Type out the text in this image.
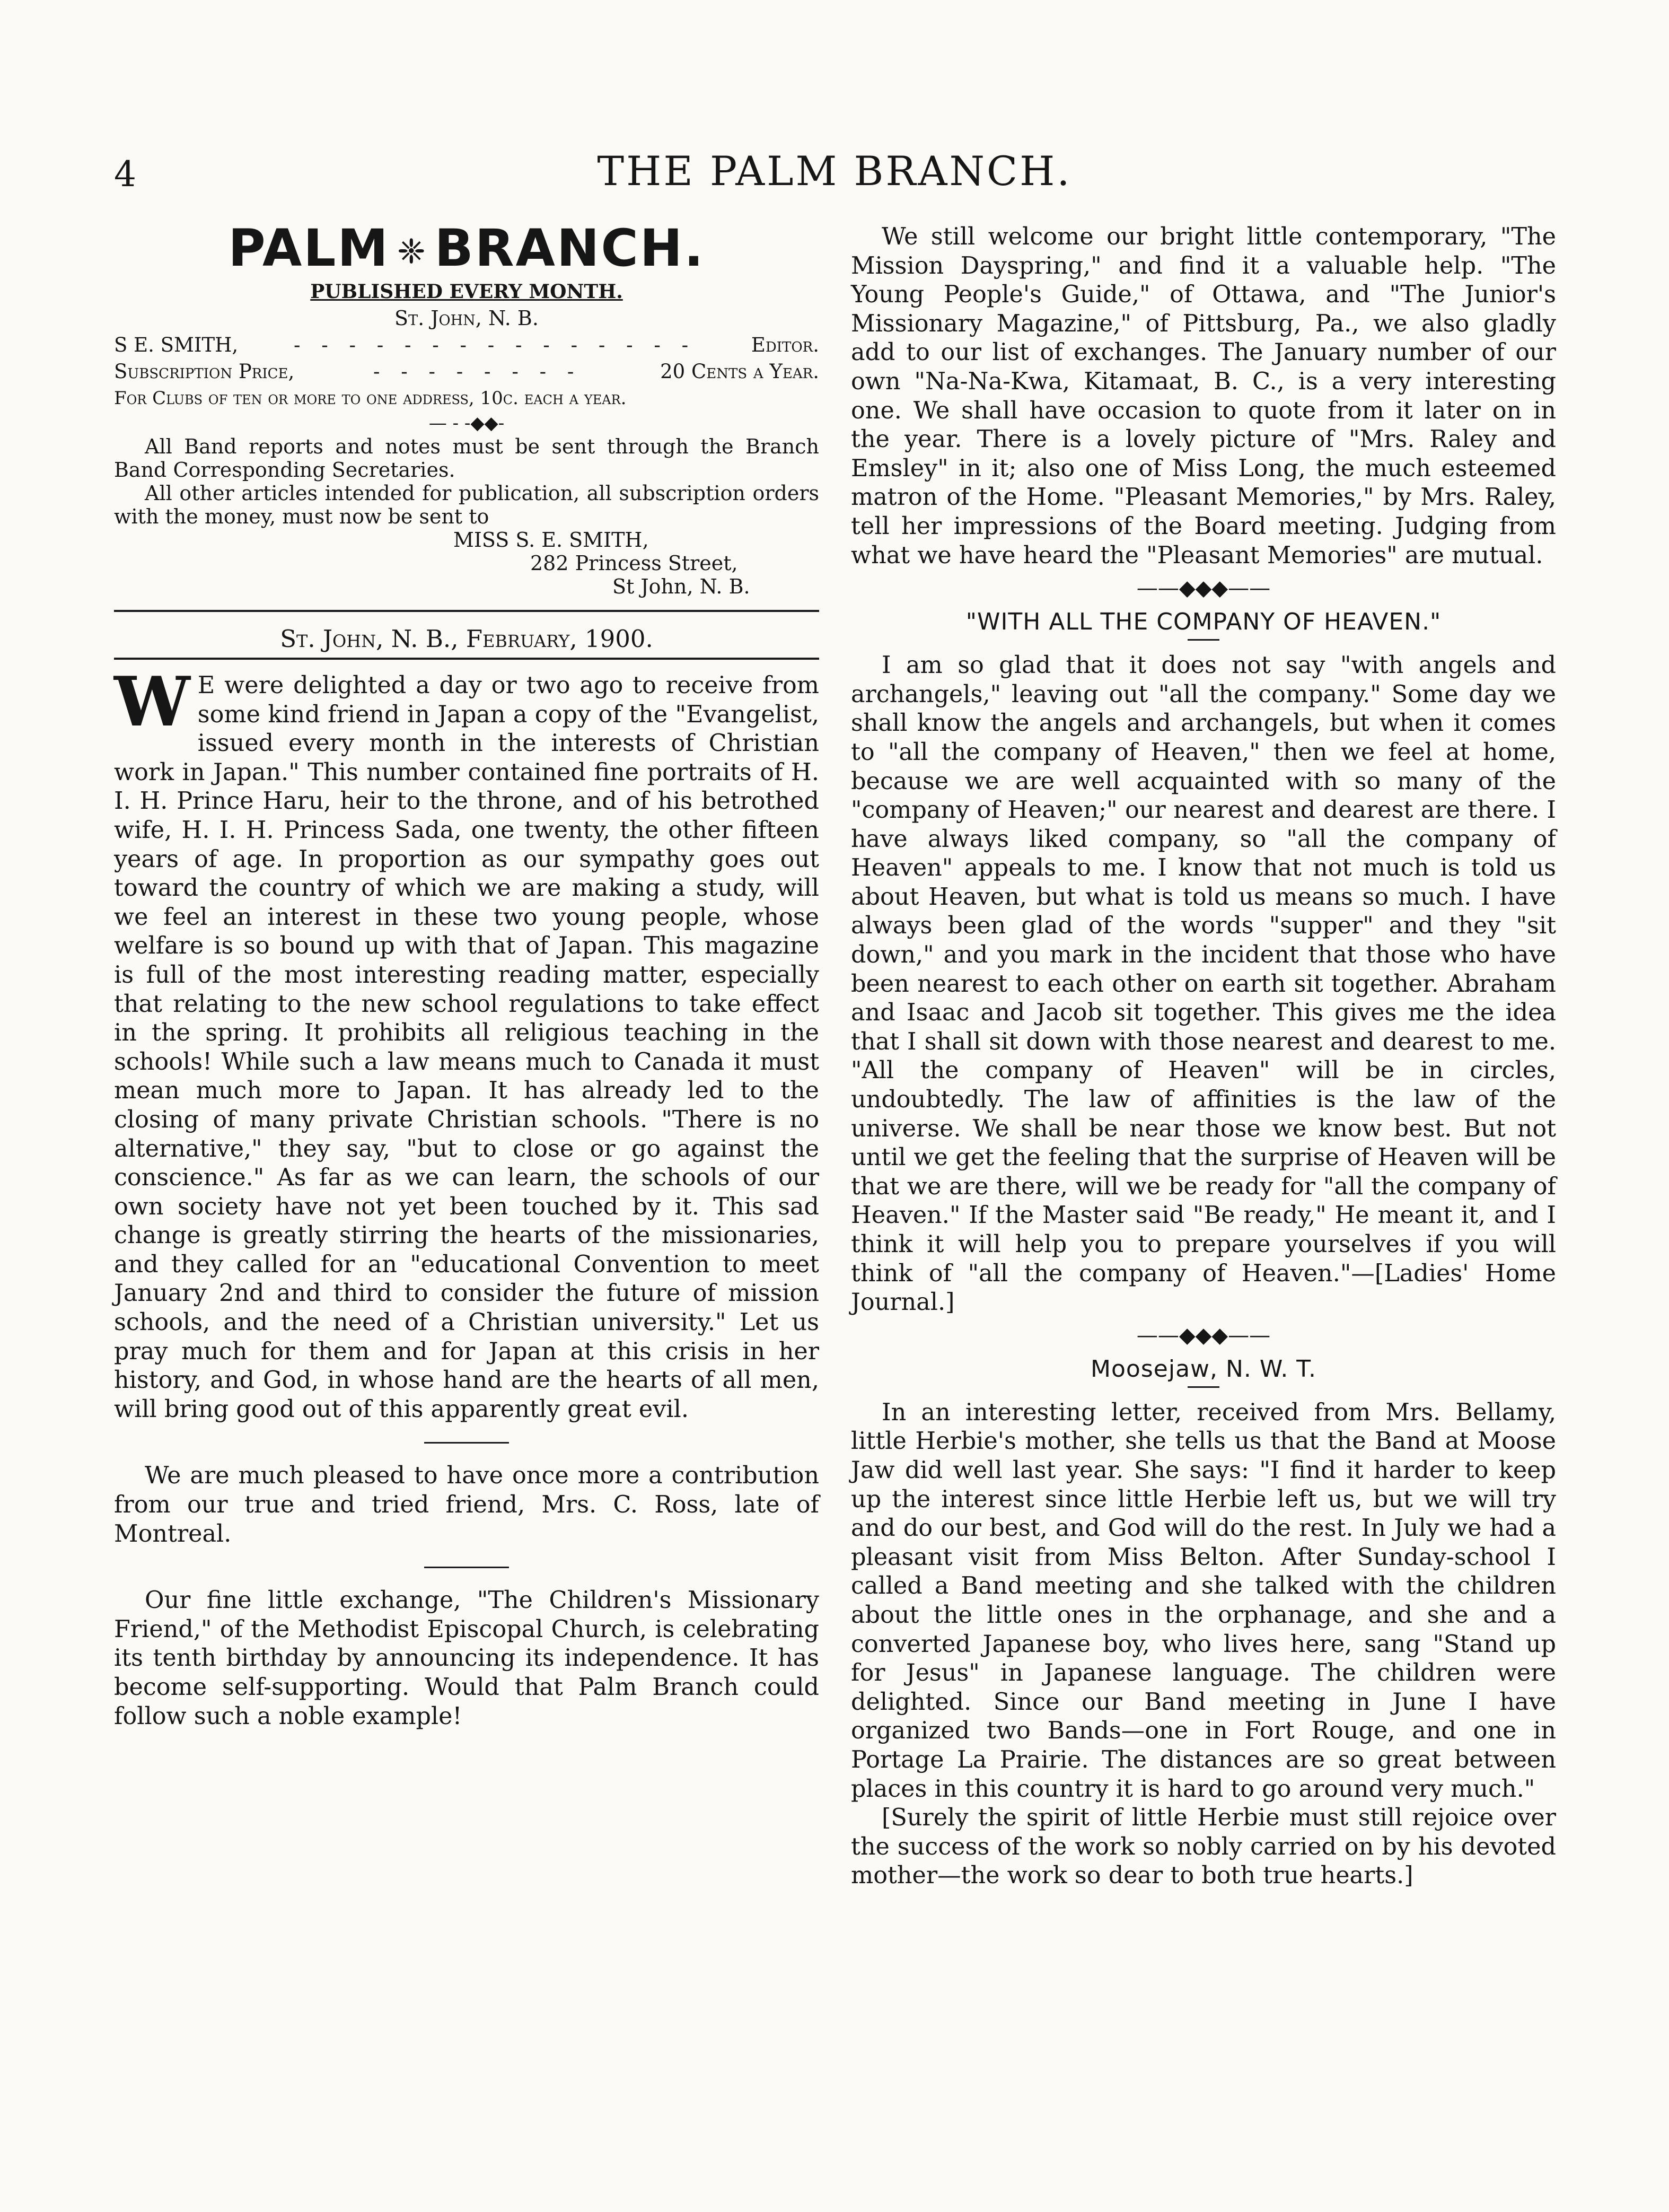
4	THE PALM BRANCH.
PALM ❈ BRANCH.
PUBLISHED EVERY MONTH.
St. John, N. B.
S E. SMITH,	- - - - - - - - - - - - - - -	Editor.
Subscription Price,	- - - - - - - -	20 Cents a Year.
For Clubs of ten or more to one address, 10c. each a year.
— - -◆◆-

All Band reports and notes must be sent through the Branch Band Corresponding Secretaries.

All other articles intended for publication, all subscription orders with the money, must now be sent to

MISS S. E. SMITH,
282 Princess Street,
St John, N. B.
St. John, N. B., February, 1900.

W E were delighted a day or two ago to receive from some kind friend in Japan a copy of the "Evangelist, issued every month in the interests of Christian work in Japan." This number contained fine portraits of H. I. H. Prince Haru, heir to the throne, and of his betrothed wife, H. I. H. Princess Sada, one twenty, the other fifteen years of age. In proportion as our sympathy goes out toward the country of which we are making a study, will we feel an interest in these two young people, whose welfare is so bound up with that of Japan. This magazine is full of the most interesting reading matter, especially that relating to the new school regulations to take effect in the spring. It prohibits all religious teaching in the schools! While such a law means much to Canada it must mean much more to Japan. It has already led to the closing of many private Christian schools. "There is no alternative," they say, "but to close or go against the conscience." As far as we can learn, the schools of our own society have not yet been touched by it. This sad change is greatly stirring the hearts of the missionaries, and they called for an "educational Convention to meet January 2nd and third to consider the future of mission schools, and the need of a Christian university." Let us pray much for them and for Japan at this crisis in her history, and God, in whose hand are the hearts of all men, will bring good out of this apparently great evil.

We are much pleased to have once more a contribution from our true and tried friend, Mrs. C. Ross, late of Montreal.

Our fine little exchange, "The Children's Missionary Friend," of the Methodist Episcopal Church, is celebrating its tenth birthday by announcing its independence. It has become self-supporting. Would that Palm Branch could follow such a noble example!

We still welcome our bright little contemporary, "The Mission Dayspring," and find it a valuable help. "The Young People's Guide," of Ottawa, and "The Junior's Missionary Magazine," of Pittsburg, Pa., we also gladly add to our list of exchanges. The January number of our own "Na-Na-Kwa, Kitamaat, B. C., is a very interesting one. We shall have occasion to quote from it later on in the year. There is a lovely picture of "Mrs. Raley and Emsley" in it; also one of Miss Long, the much esteemed matron of the Home. "Pleasant Memories," by Mrs. Raley, tell her impressions of the Board meeting. Judging from what we have heard the "Pleasant Memories" are mutual.

——◆◆◆——
"WITH ALL THE COMPANY OF HEAVEN."

I am so glad that it does not say "with angels and archangels," leaving out "all the company." Some day we shall know the angels and archangels, but when it comes to "all the company of Heaven," then we feel at home, because we are well acquainted with so many of the "company of Heaven;" our nearest and dearest are there. I have always liked company, so "all the company of Heaven" appeals to me. I know that not much is told us about Heaven, but what is told us means so much. I have always been glad of the words "supper" and they "sit down," and you mark in the incident that those who have been nearest to each other on earth sit together. Abraham and Isaac and Jacob sit together. This gives me the idea that I shall sit down with those nearest and dearest to me. "All the company of Heaven" will be in circles, undoubtedly. The law of affinities is the law of the universe. We shall be near those we know best. But not until we get the feeling that the surprise of Heaven will be that we are there, will we be ready for "all the company of Heaven." If the Master said "Be ready," He meant it, and I think it will help you to prepare yourselves if you will think of "all the company of Heaven."—[Ladies' Home Journal.]

——◆◆◆——
Moosejaw, N. W. T.

In an interesting letter, received from Mrs. Bellamy, little Herbie's mother, she tells us that the Band at Moose Jaw did well last year. She says: "I find it harder to keep up the interest since little Herbie left us, but we will try and do our best, and God will do the rest. In July we had a pleasant visit from Miss Belton. After Sunday-school I called a Band meeting and she talked with the children about the little ones in the orphanage, and she and a converted Japanese boy, who lives here, sang "Stand up for Jesus" in Japanese language. The children were delighted. Since our Band meeting in June I have organized two Bands—one in Fort Rouge, and one in Portage La Prairie. The distances are so great between places in this country it is hard to go around very much."

[Surely the spirit of little Herbie must still rejoice over the success of the work so nobly carried on by his devoted mother—the work so dear to both true hearts.]
